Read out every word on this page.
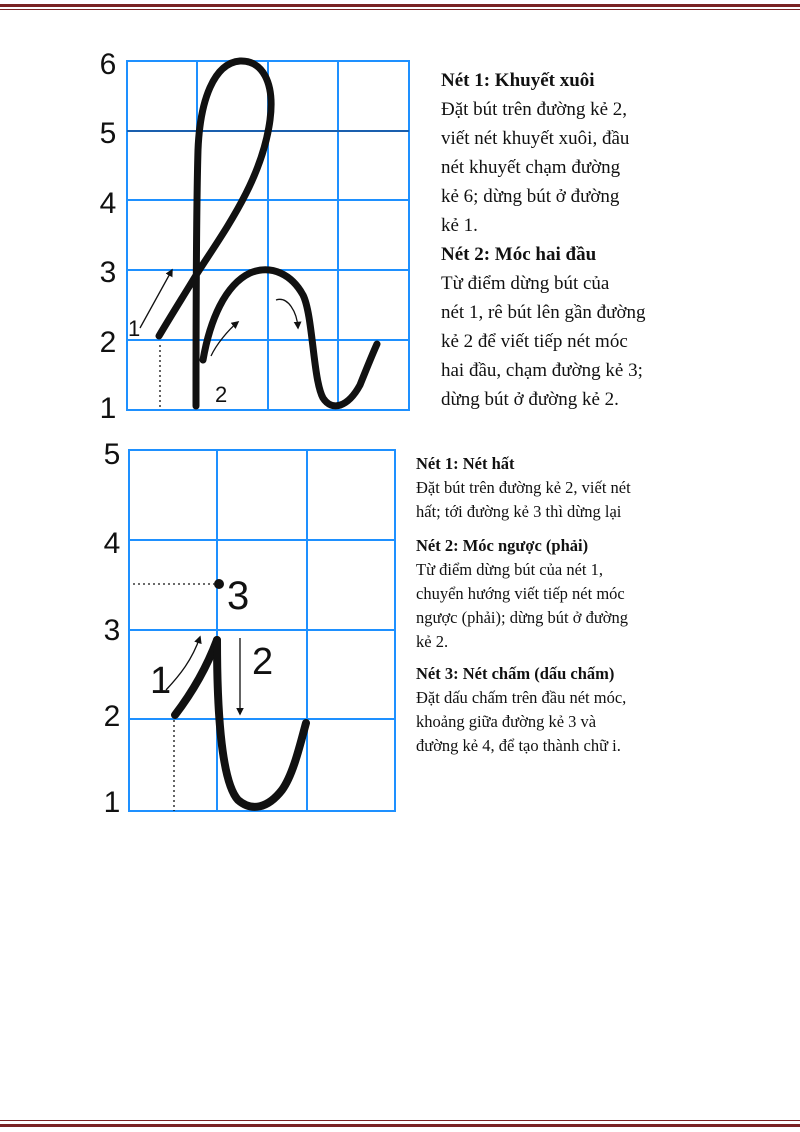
6
5
4
3
2
1
1
2
5
4
3
2
1
1 2
3
Nét 1: Khuyết xuôi

Đặt bút trên đường kẻ 2,
viết nét khuyết xuôi, đầu
nét khuyết chạm đường
kẻ 6; dừng bút ở đường
kẻ 1.

Nét 2: Móc hai đầu

Từ điểm dừng bút của
nét 1, rê bút lên gần đường
kẻ 2 để viết tiếp nét móc
hai đầu, chạm đường kẻ 3;
dừng bút ở đường kẻ 2.

Nét 1: Nét hất

Đặt bút trên đường kẻ 2, viết nét
hất; tới đường kẻ 3 thì dừng lại

Nét 2: Móc ngược (phải)

Từ điểm dừng bút của nét 1,
chuyển hướng viết tiếp nét móc
ngược (phải); dừng bút ở đường
kẻ 2.

Nét 3: Nét chấm (dấu chấm)

Đặt dấu chấm trên đầu nét móc,
khoảng giữa đường kẻ 3 và
đường kẻ 4, để tạo thành chữ i.
